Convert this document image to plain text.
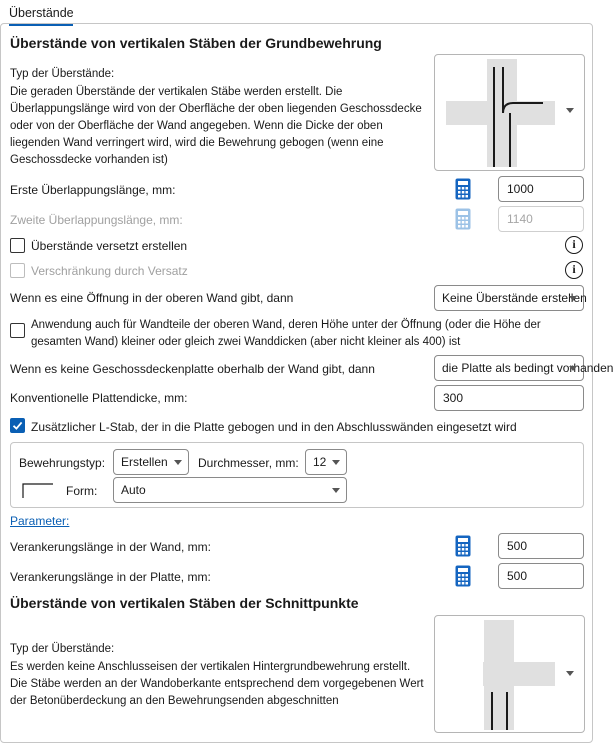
Überstände
Überstände von vertikalen Stäben der Grundbewehrung
Typ der Überstände:
Die geraden Überstände der vertikalen Stäbe werden erstellt. Die Überlappungslänge wird von der Oberfläche der oben liegenden Geschossdecke oder von der Oberfläche der Wand angegeben. Wenn die Dicke der oben liegenden Wand verringert wird, wird die Bewehrung gebogen (wenn eine Geschossdecke vorhanden ist)
Erste Überlappungslänge, mm:	1000
Zweite Überlappungslänge, mm:	1140
Überstände versetzt erstellen	i
Verschränkung durch Versatz	i
Wenn es eine Öffnung in der oberen Wand gibt, dann	Keine Überstände erstellen
Anwendung auch für Wandteile der oberen Wand, deren Höhe unter der Öffnung (oder die Höhe der gesamten Wand) kleiner oder gleich zwei Wanddicken (aber nicht kleiner als 400) ist
Wenn es keine Geschossdeckenplatte oberhalb der Wand gibt, dann	die Platte als bedingt vorhanden
Konventionelle Plattendicke, mm:	300
Zusätzlicher L-Stab, der in die Platte gebogen und in den Abschlusswänden eingesetzt wird
Bewehrungstyp:	Erstellen	Durchmesser, mm:	12
Form:	Auto
Parameter:
Verankerungslänge in der Wand, mm:	500
Verankerungslänge in der Platte, mm:	500
Überstände von vertikalen Stäben der Schnittpunkte
Typ der Überstände:
Es werden keine Anschlusseisen der vertikalen Hintergrundbewehrung erstellt. Die Stäbe werden an der Wandoberkante entsprechend dem vorgegebenen Wert der Betonüberdeckung an den Bewehrungsenden abgeschnitten
